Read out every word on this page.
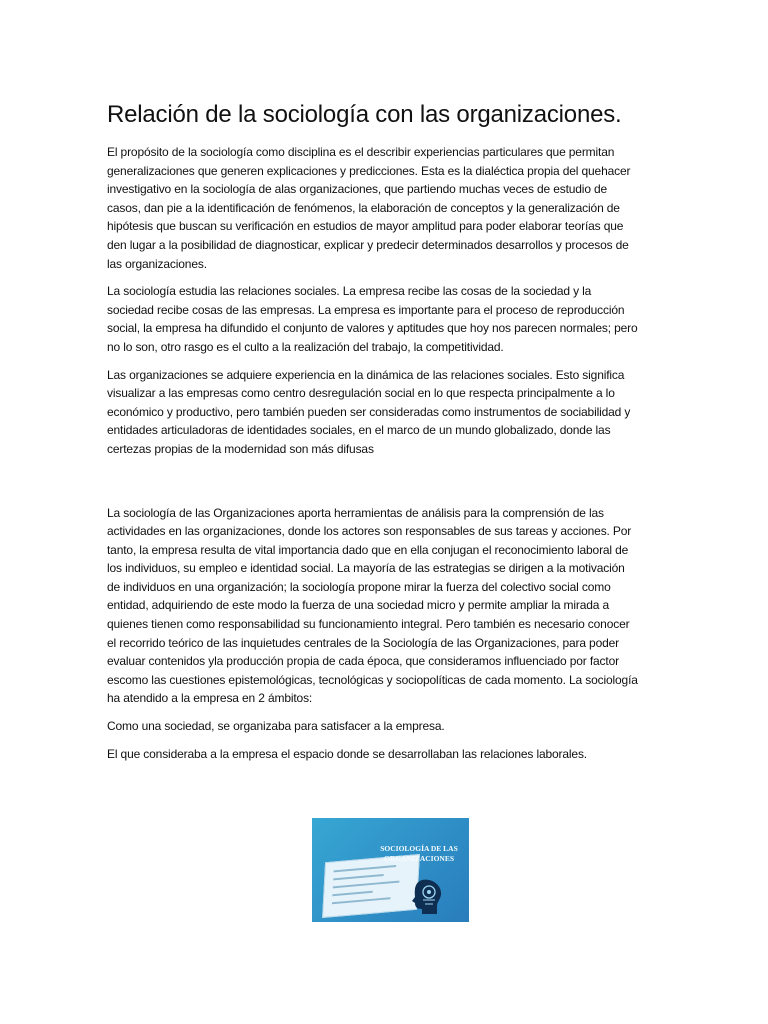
Relación de la sociología con las organizaciones.

El propósito de la sociología como disciplina es el describir experiencias particulares que permitan generalizaciones que generen explicaciones y predicciones. Esta es la dialéctica propia del quehacer investigativo en la sociología de alas organizaciones, que partiendo muchas veces de estudio de casos, dan pie a la identificación de fenómenos, la elaboración de conceptos y la generalización de hipótesis que buscan su verificación en estudios de mayor amplitud para poder elaborar teorías que den lugar a la posibilidad de diagnosticar, explicar y predecir determinados desarrollos y procesos de las organizaciones.

La sociología estudia las relaciones sociales. La empresa recibe las cosas de la sociedad y la sociedad recibe cosas de las empresas. La empresa es importante para el proceso de reproducción social, la empresa ha difundido el conjunto de valores y aptitudes que hoy nos parecen normales; pero no lo son, otro rasgo es el culto a la realización del trabajo, la competitividad.

Las organizaciones se adquiere experiencia en la dinámica de las relaciones sociales. Esto significa visualizar a las empresas como centro desregulación social en lo que respecta principalmente a lo económico y productivo, pero también pueden ser consideradas como instrumentos de sociabilidad y entidades articuladoras de identidades sociales, en el marco de un mundo globalizado, donde las certezas propias de la modernidad son más difusas

La sociología de las Organizaciones aporta herramientas de análisis para la comprensión de las actividades en las organizaciones, donde los actores son responsables de sus tareas y acciones. Por tanto, la empresa resulta de vital importancia dado que en ella conjugan el reconocimiento laboral de los individuos, su empleo e identidad social. La mayoría de las estrategias se dirigen a la motivación de individuos en una organización; la sociología propone mirar la fuerza del colectivo social como entidad, adquiriendo de este modo la fuerza de una sociedad micro y permite ampliar la mirada a quienes tienen como responsabilidad su funcionamiento integral. Pero también es necesario conocer el recorrido teórico de las inquietudes centrales de la Sociología de las Organizaciones, para poder evaluar contenidos yla producción propia de cada época, que consideramos influenciado por factor escomo las cuestiones epistemológicas, tecnológicas y sociopolíticas de cada momento. La sociología ha atendido a la empresa en 2 ámbitos:

Como una sociedad, se organizaba para satisfacer a la empresa.

El que consideraba a la empresa el espacio donde se desarrollaban las relaciones laborales.

SOCIOLOGÍA DE LAS ORGANIZACIONES
